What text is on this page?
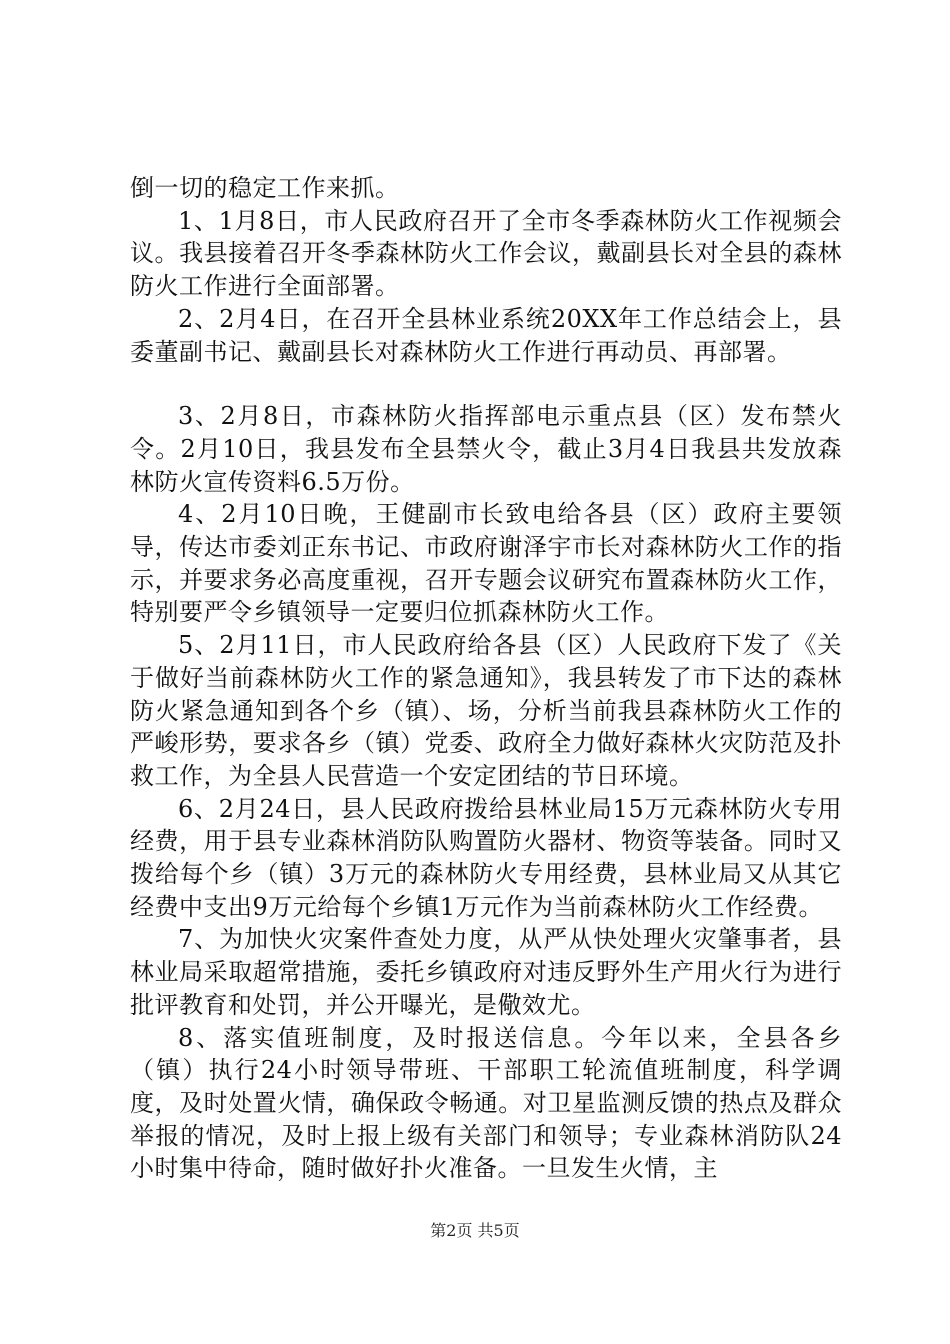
倒一切的稳定工作来抓。

1、1月8日，市人民政府召开了全市冬季森林防火工作视频会议。我县接着召开冬季森林防火工作会议，戴副县长对全县的森林防火工作进行全面部署。

2、2月4日，在召开全县林业系统20XX年工作总结会上，县委董副书记、戴副县长对森林防火工作进行再动员、再部署。

3、2月8日，市森林防火指挥部电示重点县（区）发布禁火令。2月10日，我县发布全县禁火令，截止3月4日我县共发放森林防火宣传资料6.5万份。

4、2月10日晚，王健副市长致电给各县（区）政府主要领导，传达市委刘正东书记、市政府谢泽宇市长对森林防火工作的指示，并要求务必高度重视，召开专题会议研究布置森林防火工作，特别要严令乡镇领导一定要归位抓森林防火工作。

5、2月11日，市人民政府给各县（区）人民政府下发了《关于做好当前森林防火工作的紧急通知》，我县转发了市下达的森林防火紧急通知到各个乡（镇）、场，分析当前我县森林防火工作的严峻形势，要求各乡（镇）党委、政府全力做好森林火灾防范及扑救工作，为全县人民营造一个安定团结的节日环境。

6、2月24日，县人民政府拨给县林业局15万元森林防火专用经费，用于县专业森林消防队购置防火器材、物资等装备。同时又拨给每个乡（镇）3万元的森林防火专用经费，县林业局又从其它经费中支出9万元给每个乡镇1万元作为当前森林防火工作经费。

7、为加快火灾案件查处力度，从严从快处理火灾肇事者，县林业局采取超常措施，委托乡镇政府对违反野外生产用火行为进行批评教育和处罚，并公开曝光，是儆效尤。

8、落实值班制度，及时报送信息。今年以来，全县各乡（镇）执行24小时领导带班、干部职工轮流值班制度，科学调度，及时处置火情，确保政令畅通。对卫星监测反馈的热点及群众举报的情况，及时上报上级有关部门和领导；专业森林消防队24小时集中待命，随时做好扑火准备。一旦发生火情，主

第2页 共5页
